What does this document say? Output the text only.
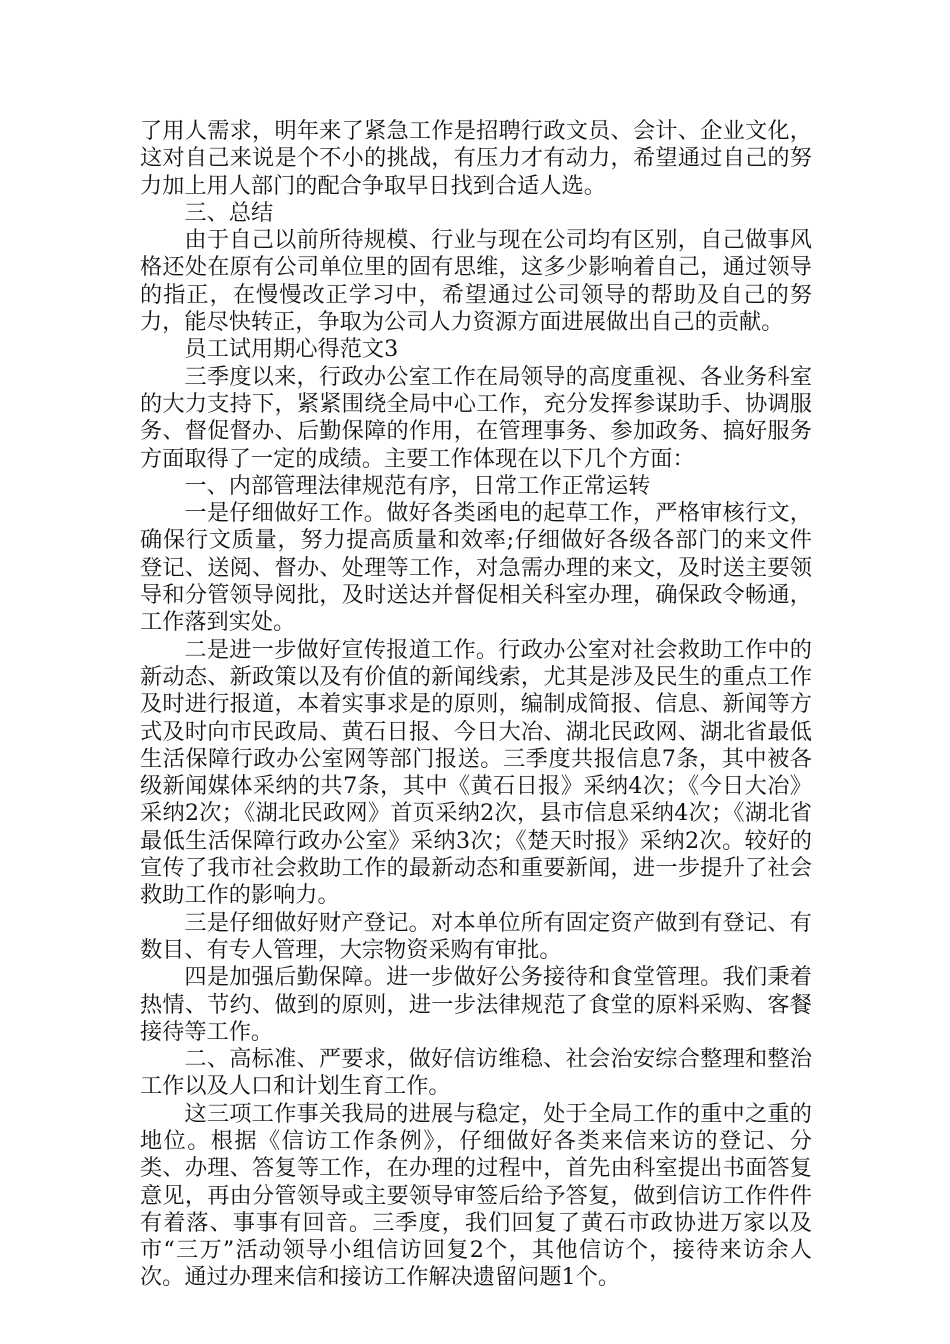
了用人需求，明年来了紧急工作是招聘行政文员、会计、企业文化，这对自己来说是个不小的挑战，有压力才有动力，希望通过自己的努力加上用人部门的配合争取早日找到合适人选。

三、总结

由于自己以前所待规模、行业与现在公司均有区别，自己做事风格还处在原有公司单位里的固有思维，这多少影响着自己，通过领导的指正，在慢慢改正学习中，希望通过公司领导的帮助及自己的努力，能尽快转正，争取为公司人力资源方面进展做出自己的贡献。

员工试用期心得范文3

三季度以来，行政办公室工作在局领导的高度重视、各业务科室的大力支持下，紧紧围绕全局中心工作，充分发挥参谋助手、协调服务、督促督办、后勤保障的作用，在管理事务、参加政务、搞好服务方面取得了一定的成绩。主要工作体现在以下几个方面：

一、内部管理法律规范有序，日常工作正常运转

一是仔细做好工作。做好各类函电的起草工作，严格审核行文，确保行文质量，努力提高质量和效率;仔细做好各级各部门的来文件登记、送阅、督办、处理等工作，对急需办理的来文，及时送主要领导和分管领导阅批，及时送达并督促相关科室办理，确保政令畅通，工作落到实处。

二是进一步做好宣传报道工作。行政办公室对社会救助工作中的新动态、新政策以及有价值的新闻线索，尤其是涉及民生的重点工作及时进行报道，本着实事求是的原则，编制成简报、信息、新闻等方式及时向市民政局、黄石日报、今日大冶、湖北民政网、湖北省最低生活保障行政办公室网等部门报送。三季度共报信息7条，其中被各级新闻媒体采纳的共7条，其中《黄石日报》采纳4次；《今日大冶》采纳2次；《湖北民政网》首页采纳2次，县市信息采纳4次；《湖北省最低生活保障行政办公室》采纳3次；《楚天时报》采纳2次。较好的宣传了我市社会救助工作的最新动态和重要新闻，进一步提升了社会救助工作的影响力。

三是仔细做好财产登记。对本单位所有固定资产做到有登记、有数目、有专人管理，大宗物资采购有审批。

四是加强后勤保障。进一步做好公务接待和食堂管理。我们秉着热情、节约、做到的原则，进一步法律规范了食堂的原料采购、客餐接待等工作。

二、高标准、严要求，做好信访维稳、社会治安综合整理和整治工作以及人口和计划生育工作。

这三项工作事关我局的进展与稳定，处于全局工作的重中之重的地位。根据《信访工作条例》，仔细做好各类来信来访的登记、分类、办理、答复等工作，在办理的过程中，首先由科室提出书面答复意见，再由分管领导或主要领导审签后给予答复，做到信访工作件件有着落、事事有回音。三季度，我们回复了黄石市政协进万家以及市“三万”活动领导小组信访回复2个，其他信访个，接待来访余人次。通过办理来信和接访工作解决遗留问题1个。
